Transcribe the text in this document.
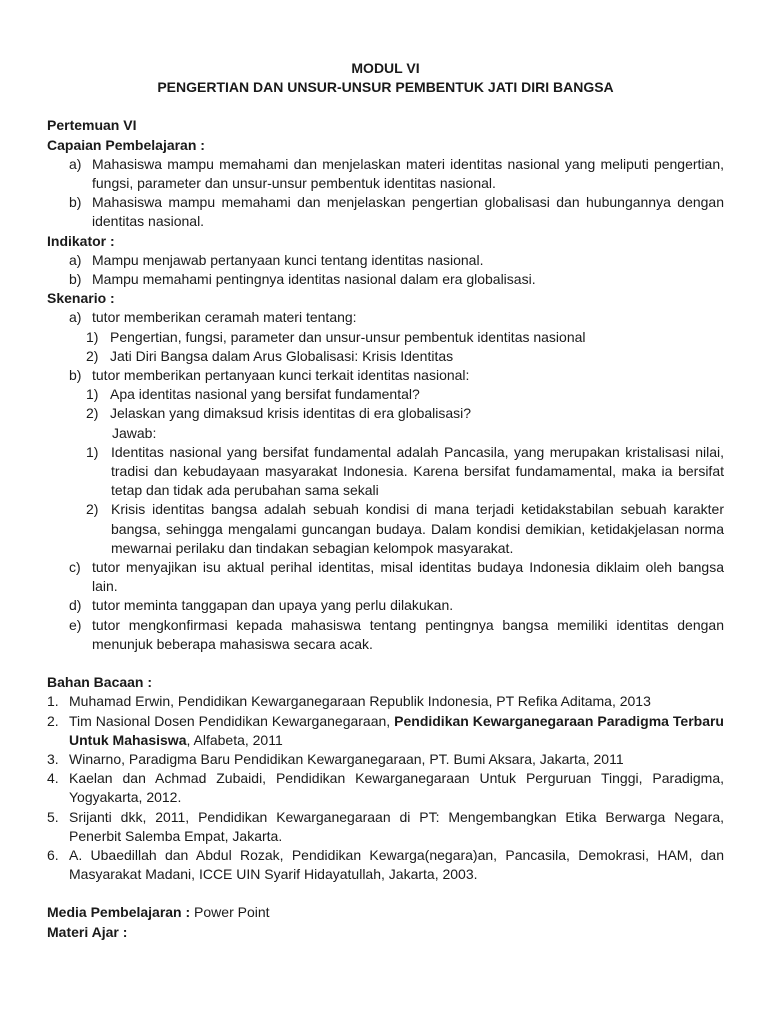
MODUL VI

PENGERTIAN DAN UNSUR-UNSUR PEMBENTUK JATI DIRI BANGSA

Pertemuan VI

Capaian Pembelajaran :

a) Mahasiswa mampu memahami dan menjelaskan materi identitas nasional yang meliputi pengertian, fungsi, parameter dan unsur-unsur pembentuk identitas nasional.
b) Mahasiswa mampu memahami dan menjelaskan pengertian globalisasi dan hubungannya dengan identitas nasional.

Indikator :

a) Mampu menjawab pertanyaan kunci tentang identitas nasional.
b) Mampu memahami pentingnya identitas nasional dalam era globalisasi.

Skenario :

a) tutor memberikan ceramah materi tentang:
1) Pengertian, fungsi, parameter dan unsur-unsur pembentuk identitas nasional
2) Jati Diri Bangsa dalam Arus Globalisasi: Krisis Identitas
b) tutor memberikan pertanyaan kunci terkait identitas nasional:
1) Apa identitas nasional yang bersifat fundamental?
2) Jelaskan yang dimaksud krisis identitas di era globalisasi?

Jawab:

1) Identitas nasional yang bersifat fundamental adalah Pancasila, yang merupakan kristalisasi nilai, tradisi dan kebudayaan masyarakat Indonesia. Karena bersifat fundamamental, maka ia bersifat tetap dan tidak ada perubahan sama sekali
2) Krisis identitas bangsa adalah sebuah kondisi di mana terjadi ketidakstabilan sebuah karakter bangsa, sehingga mengalami guncangan budaya. Dalam kondisi demikian, ketidakjelasan norma mewarnai perilaku dan tindakan sebagian kelompok masyarakat.
c) tutor menyajikan isu aktual perihal identitas, misal identitas budaya Indonesia diklaim oleh bangsa lain.
d) tutor meminta tanggapan dan upaya yang perlu dilakukan.
e) tutor mengkonfirmasi kepada mahasiswa tentang pentingnya bangsa memiliki identitas dengan menunjuk beberapa mahasiswa secara acak.

Bahan Bacaan :

1. Muhamad Erwin, Pendidikan Kewarganegaraan Republik Indonesia, PT Refika Aditama, 2013
2. Tim Nasional Dosen Pendidikan Kewarganegaraan, Pendidikan Kewarganegaraan Paradigma Terbaru Untuk Mahasiswa, Alfabeta, 2011
3. Winarno, Paradigma Baru Pendidikan Kewarganegaraan, PT. Bumi Aksara, Jakarta, 2011
4. Kaelan dan Achmad Zubaidi, Pendidikan Kewarganegaraan Untuk Perguruan Tinggi, Paradigma, Yogyakarta, 2012.
5. Srijanti dkk, 2011, Pendidikan Kewarganegaraan di PT: Mengembangkan Etika Berwarga Negara, Penerbit Salemba Empat, Jakarta.
6. A. Ubaedillah dan Abdul Rozak, Pendidikan Kewarga(negara)an, Pancasila, Demokrasi, HAM, dan Masyarakat Madani, ICCE UIN Syarif Hidayatullah, Jakarta, 2003.

Media Pembelajaran : Power Point

Materi Ajar :
